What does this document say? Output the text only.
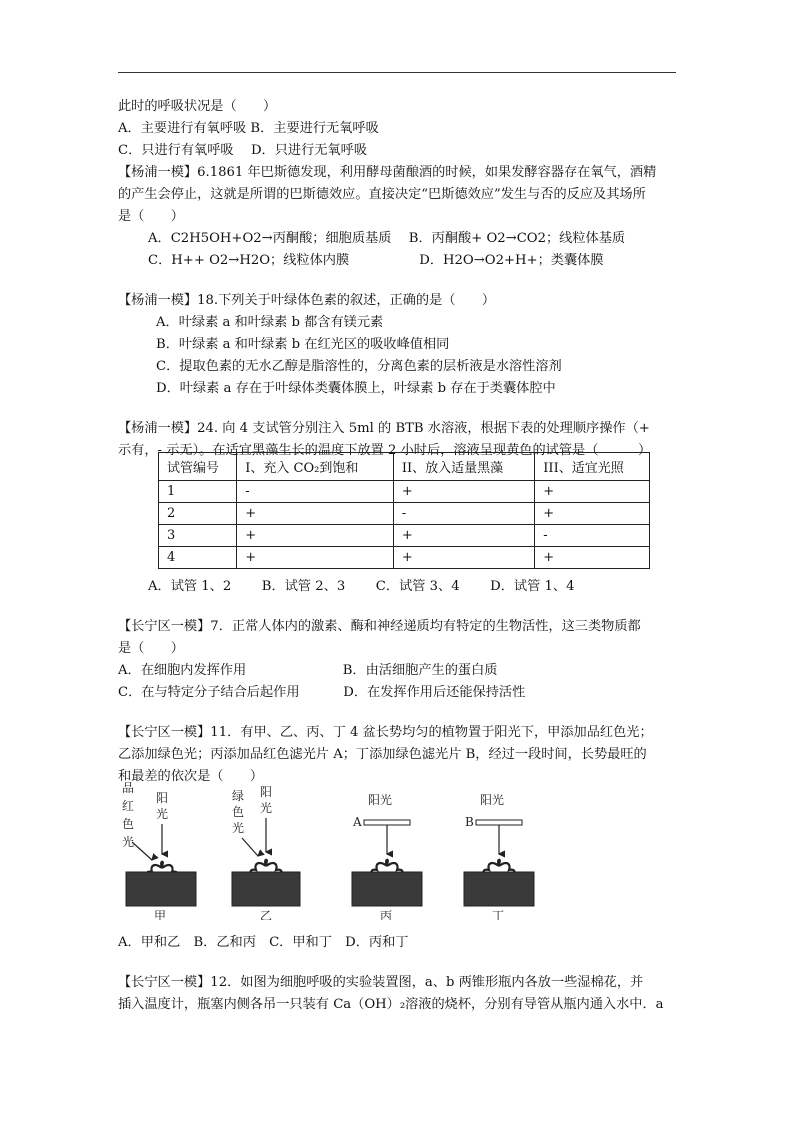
此时的呼吸状况是（　　）
A．主要进行有氧呼吸 B．主要进行无氧呼吸
C．只进行有氧呼吸　 D．只进行无氧呼吸
【杨浦一模】6.1861 年巴斯德发现，利用酵母菌酿酒的时候，如果发酵容器存在氧气，酒精
的产生会停止，这就是所谓的巴斯德效应。直接决定“巴斯德效应”发生与否的反应及其场所
是（　　）
A．C2H5OH+O2→丙酮酸；细胞质基质　 B．丙酮酸+ O2→CO2；线粒体基质
C．H++ O2→H2O；线粒体内膜　　　　　 D．H2O→O2+H+；类囊体膜
【杨浦一模】18.下列关于叶绿体色素的叙述，正确的是（　　）
A．叶绿素 a 和叶绿素 b 都含有镁元素
B．叶绿素 a 和叶绿素 b 在红光区的吸收峰值相同
C．提取色素的无水乙醇是脂溶性的，分离色素的层析液是水溶性溶剂
D．叶绿素 a 存在于叶绿体类囊体膜上，叶绿素 b 存在于类囊体腔中
【杨浦一模】24. 向 4 支试管分别注入 5ml 的 BTB 水溶液，根据下表的处理顺序操作（+
示有，- 示无）。在适宜黑藻生长的温度下放置 2 小时后，溶液呈现黄色的试管是（　　　）
A．试管 1、2　　 B．试管 2、3　　 C．试管 3、4　　 D．试管 1、4
【长宁区一模】7．正常人体内的激素、酶和神经递质均有特定的生物活性，这三类物质都
是（　　）
A．在细胞内发挥作用　　　　　　　 B．由活细胞产生的蛋白质
C．在与特定分子结合后起作用　　　 D．在发挥作用后还能保持活性
【长宁区一模】11．有甲、乙、丙、丁 4 盆长势均匀的植物置于阳光下，甲添加品红色光；
乙添加绿色光；丙添加品红色滤光片 A；丁添加绿色滤光片 B，经过一段时间，长势最旺的
和最差的依次是（　　）
A．甲和乙　B．乙和丙　C．甲和丁　D．丙和丁
【长宁区一模】12．如图为细胞呼吸的实验装置图，a、b 两锥形瓶内各放一些湿棉花，并
插入温度计，瓶塞内侧各吊一只装有 Ca（OH）₂溶液的烧杯，分别有导管从瓶内通入水中．a
试管编号	I、充入 CO₂到饱和	II、放入适量黑藻	III、适宜光照
1	-	+	+
2	+	-	+
3	+	+	-
4	+	+	+
品
红
色
光
阳
光
甲
绿
色
光
阳
光
乙
阳光
A
丙
阳光
B
丁
